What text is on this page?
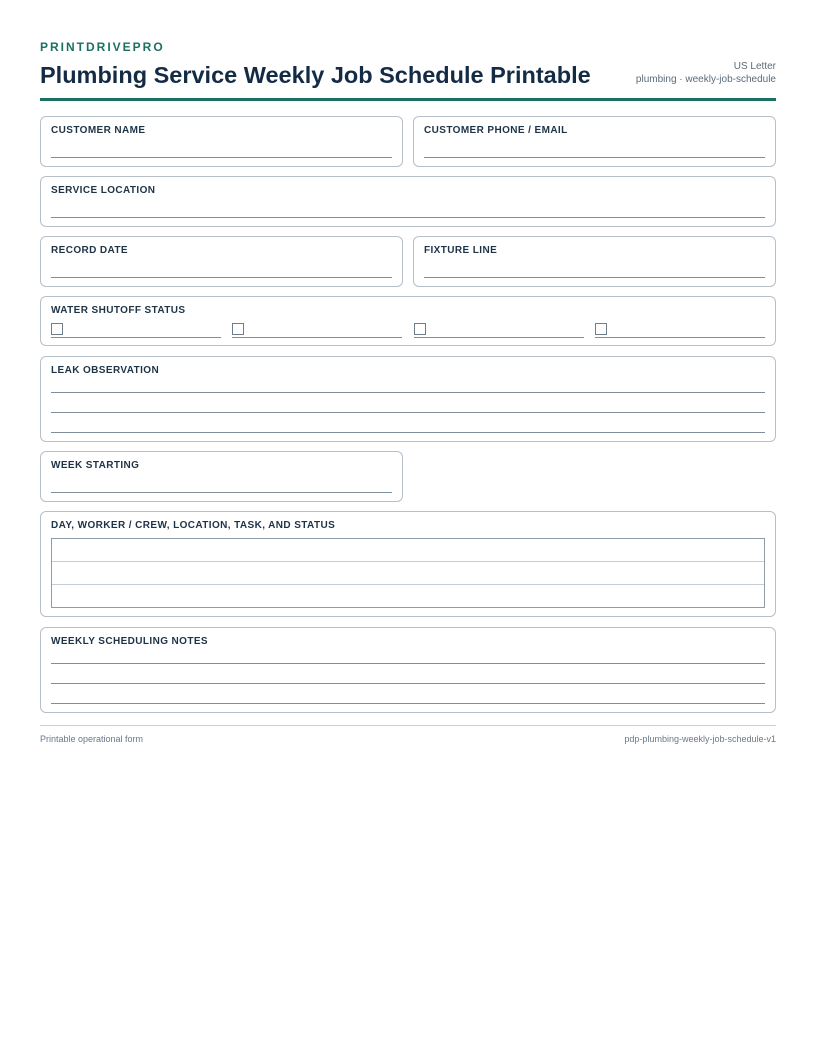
PRINTDRIVEPRO
Plumbing Service Weekly Job Schedule Printable	US Letter
plumbing · weekly-job-schedule
CUSTOMER NAME	CUSTOMER PHONE / EMAIL
SERVICE LOCATION
RECORD DATE	FIXTURE LINE
WATER SHUTOFF STATUS
LEAK OBSERVATION
WEEK STARTING
DAY, WORKER / CREW, LOCATION, TASK, AND STATUS
WEEKLY SCHEDULING NOTES
Printable operational form	pdp-plumbing-weekly-job-schedule-v1
